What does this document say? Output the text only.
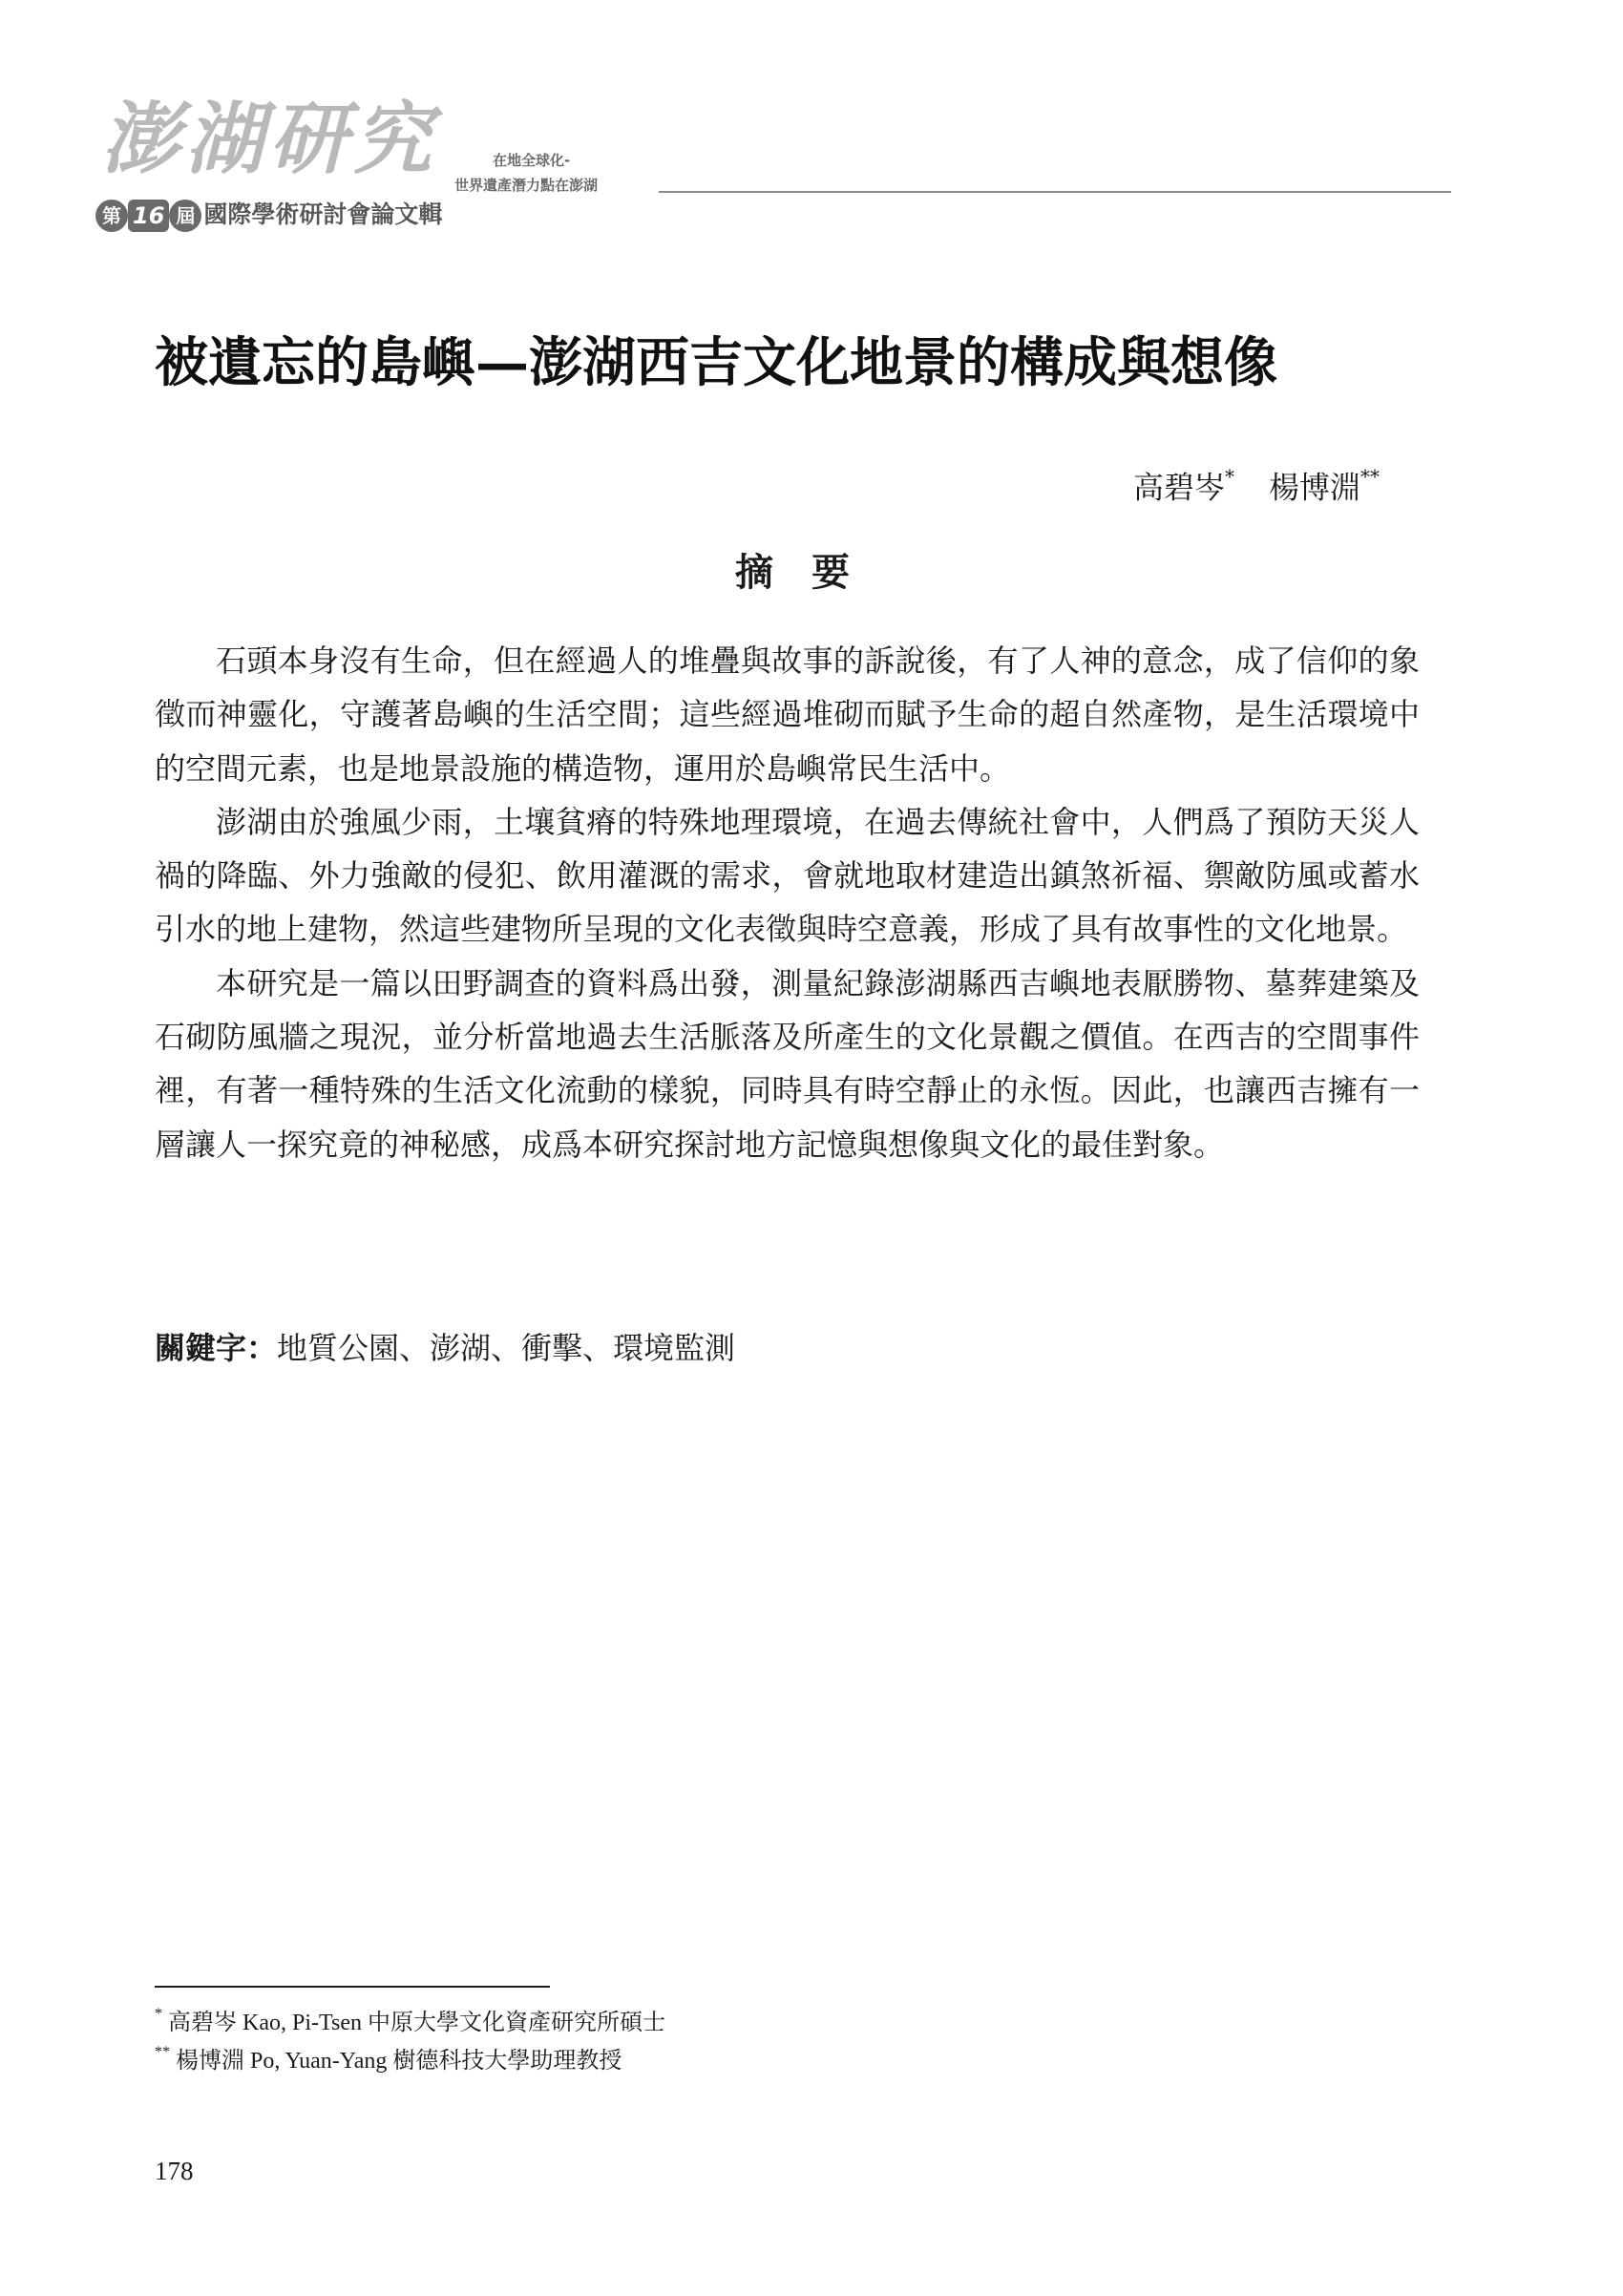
澎湖研究
第 16 屆 國際學術研討會論文輯
在地全球化-
世界遺產潛力點在澎湖
被遺忘的島嶼—澎湖西吉文化地景的構成與想像
高碧岑* 楊博淵**
摘要

石頭本身沒有生命，但在經過人的堆疊與故事的訴說後，有了人神的意念，成了信仰的象徵而神靈化，守護著島嶼的生活空間；這些經過堆砌而賦予生命的超自然產物，是生活環境中的空間元素，也是地景設施的構造物，運用於島嶼常民生活中。

澎湖由於強風少雨，土壤貧瘠的特殊地理環境，在過去傳統社會中，人們爲了預防天災人禍的降臨、外力強敵的侵犯、飲用灌溉的需求，會就地取材建造出鎮煞祈福、禦敵防風或蓄水引水的地上建物，然這些建物所呈現的文化表徵與時空意義，形成了具有故事性的文化地景。

本研究是一篇以田野調查的資料爲出發，測量紀錄澎湖縣西吉嶼地表厭勝物、墓葬建築及石砌防風牆之現況，並分析當地過去生活脈落及所產生的文化景觀之價值。在西吉的空間事件裡，有著一種特殊的生活文化流動的樣貌，同時具有時空靜止的永恆。因此，也讓西吉擁有一層讓人一探究竟的神秘感，成爲本研究探討地方記憶與想像與文化的最佳對象。

關鍵字：地質公園、澎湖、衝擊、環境監測
* 高碧岑 Kao, Pi-Tsen 中原大學文化資產研究所碩士
** 楊博淵 Po, Yuan-Yang 樹德科技大學助理教授
178
